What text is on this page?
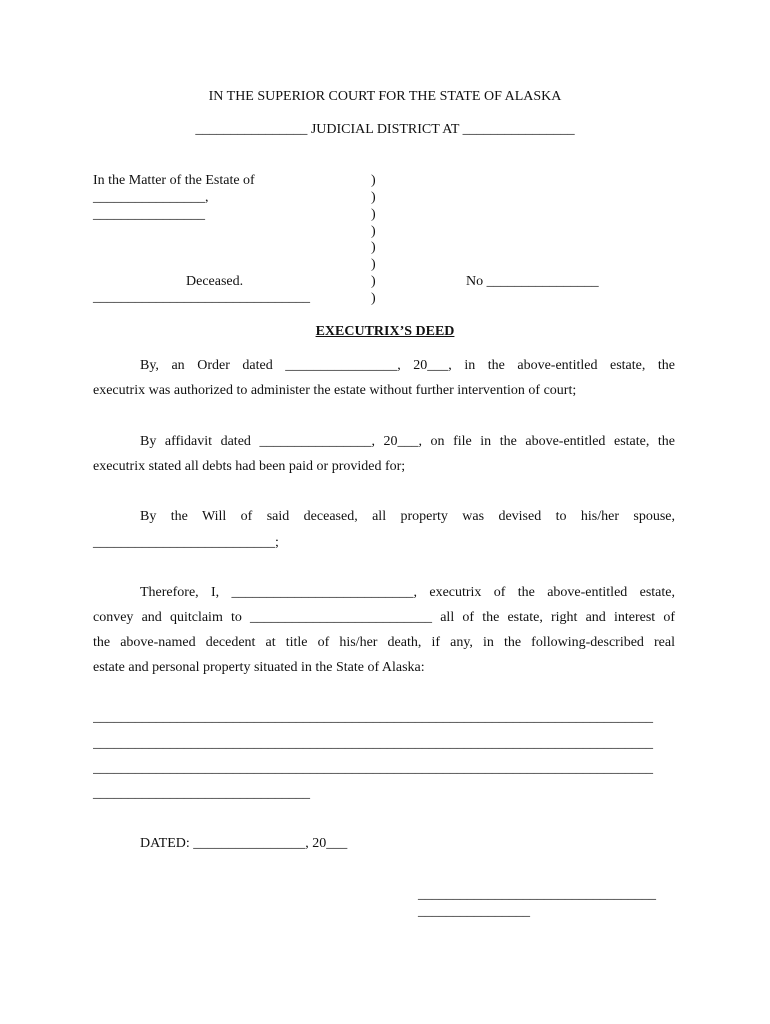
IN THE SUPERIOR COURT FOR THE STATE OF ALASKA
________________ JUDICIAL DISTRICT AT ________________
In the Matter of the Estate of
________________,
________________
Deceased.
_______________________________
)
)
)
)
)
)
)
)
No ________________
EXECUTRIX’S DEED
By, an Order dated ________________, 20___, in the above-entitled estate, the
executrix was authorized to administer the estate without further intervention of court;
By affidavit dated ________________, 20___, on file in the above-entitled estate, the
executrix stated all debts had been paid or provided for;
By the Will of said deceased, all property was devised to his/her spouse,
__________________________;
Therefore, I, __________________________, executrix of the above-entitled estate,
convey and quitclaim to __________________________ all of the estate, right and interest of
the above-named decedent at title of his/her death, if any, in the following-described real
estate and personal property situated in the State of Alaska:
________________________________________________________________________________
________________________________________________________________________________
________________________________________________________________________________
_______________________________
DATED: ________________, 20___
__________________________________
________________
